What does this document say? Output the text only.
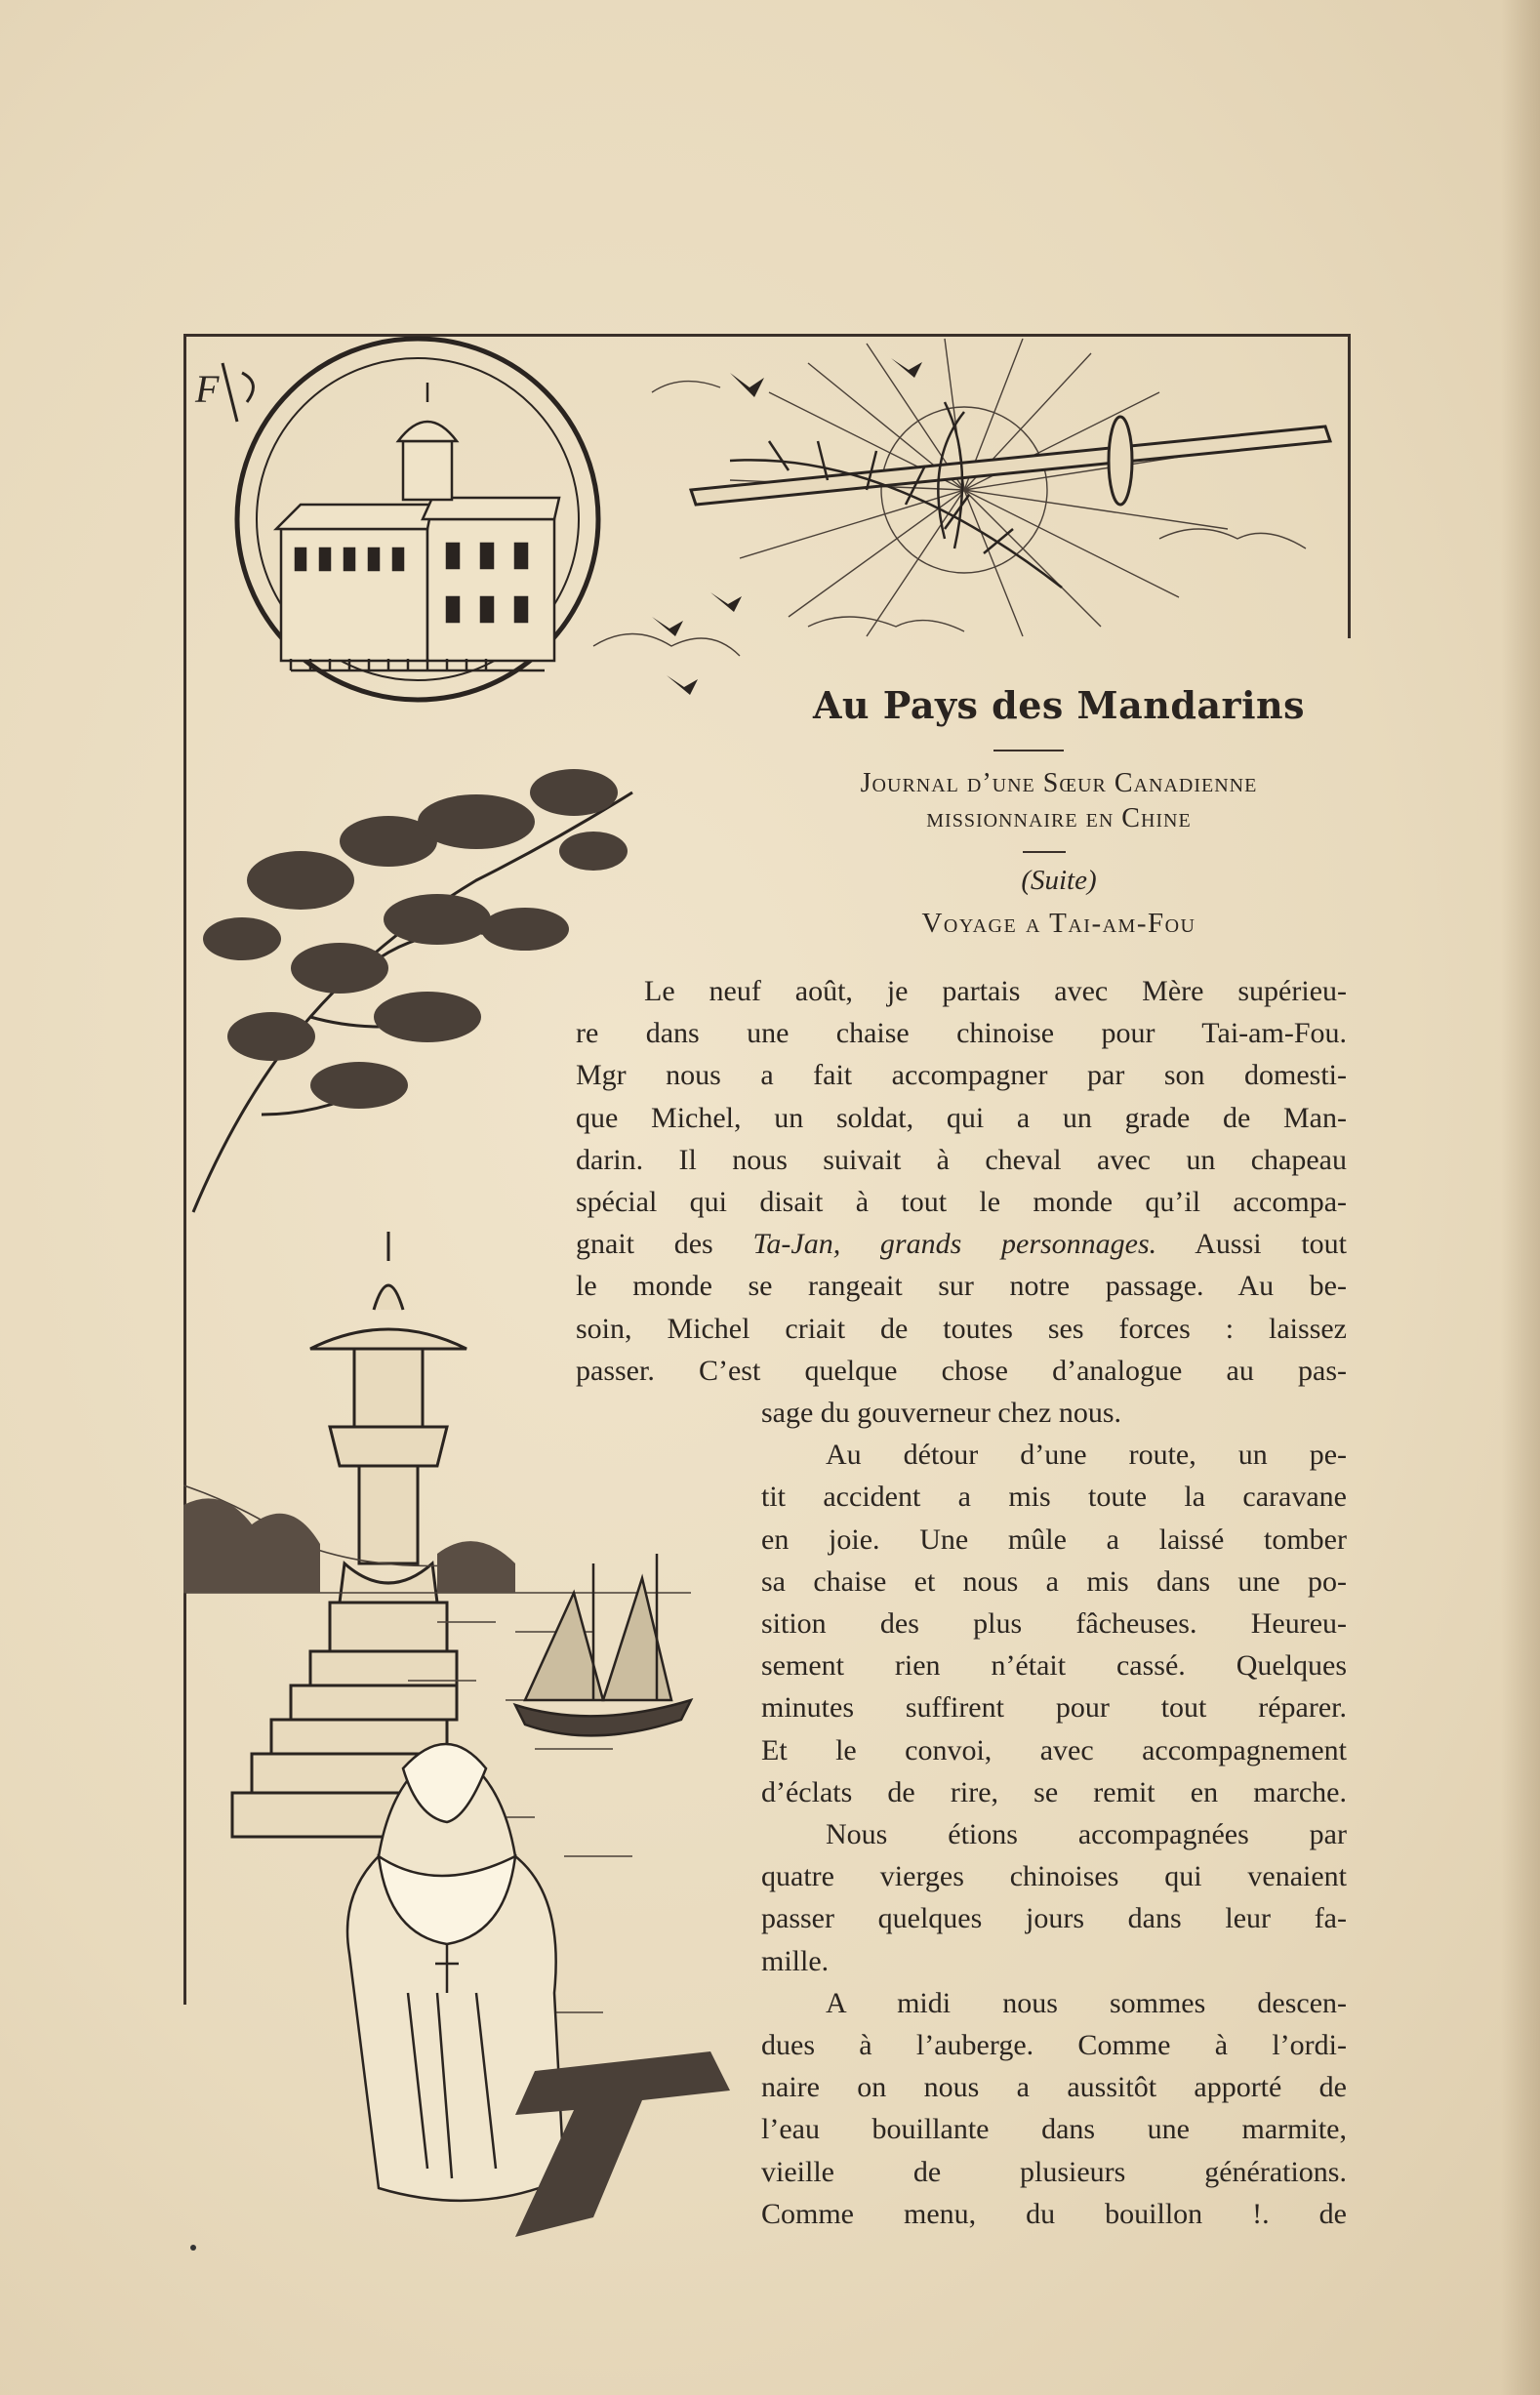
F
Au Pays des Mandarins
Journal d’une Sœur Canadienne
missionnaire en Chine
(Suite)
Voyage a Tai-am-Fou
Le neuf août, je partais avec Mère supérieu-
re dans une chaise chinoise pour Tai-am-Fou.
Mgr nous a fait accompagner par son domesti-
que Michel, un soldat, qui a un grade de Man-
darin. Il nous suivait à cheval avec un chapeau
spécial qui disait à tout le monde qu’il accompa-
gnait des Ta-Jan, grands personnages. Aussi tout
le monde se rangeait sur notre passage. Au be-
soin, Michel criait de toutes ses forces : laissez
passer. C’est quelque chose d’analogue au pas-
sage du gouverneur chez nous.
Au détour d’une route, un pe-
tit accident a mis toute la caravane
en joie. Une mûle a laissé tomber
sa chaise et nous a mis dans une po-
sition des plus fâcheuses. Heureu-
sement rien n’était cassé. Quelques
minutes suffirent pour tout réparer.
Et le convoi, avec accompagnement
d’éclats de rire, se remit en marche.
Nous étions accompagnées par
quatre vierges chinoises qui venaient
passer quelques jours dans leur fa-
mille.
A midi nous sommes descen-
dues à l’auberge. Comme à l’ordi-
naire on nous a aussitôt apporté de
l’eau bouillante dans une marmite,
vieille de plusieurs générations.
Comme menu, du bouillon !. de
